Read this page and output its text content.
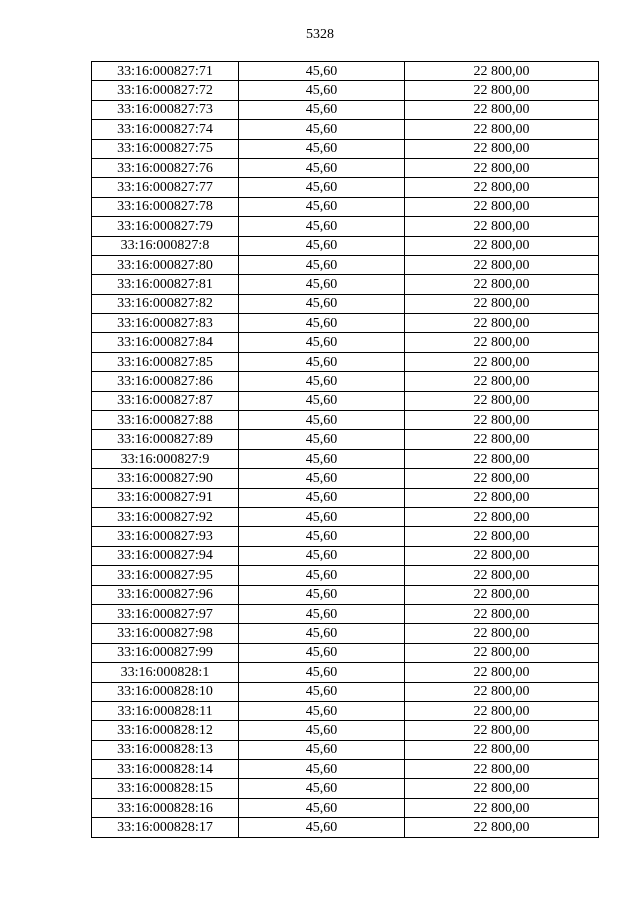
5328
33:16:000827:71	45,60	22 800,00
33:16:000827:72	45,60	22 800,00
33:16:000827:73	45,60	22 800,00
33:16:000827:74	45,60	22 800,00
33:16:000827:75	45,60	22 800,00
33:16:000827:76	45,60	22 800,00
33:16:000827:77	45,60	22 800,00
33:16:000827:78	45,60	22 800,00
33:16:000827:79	45,60	22 800,00
33:16:000827:8	45,60	22 800,00
33:16:000827:80	45,60	22 800,00
33:16:000827:81	45,60	22 800,00
33:16:000827:82	45,60	22 800,00
33:16:000827:83	45,60	22 800,00
33:16:000827:84	45,60	22 800,00
33:16:000827:85	45,60	22 800,00
33:16:000827:86	45,60	22 800,00
33:16:000827:87	45,60	22 800,00
33:16:000827:88	45,60	22 800,00
33:16:000827:89	45,60	22 800,00
33:16:000827:9	45,60	22 800,00
33:16:000827:90	45,60	22 800,00
33:16:000827:91	45,60	22 800,00
33:16:000827:92	45,60	22 800,00
33:16:000827:93	45,60	22 800,00
33:16:000827:94	45,60	22 800,00
33:16:000827:95	45,60	22 800,00
33:16:000827:96	45,60	22 800,00
33:16:000827:97	45,60	22 800,00
33:16:000827:98	45,60	22 800,00
33:16:000827:99	45,60	22 800,00
33:16:000828:1	45,60	22 800,00
33:16:000828:10	45,60	22 800,00
33:16:000828:11	45,60	22 800,00
33:16:000828:12	45,60	22 800,00
33:16:000828:13	45,60	22 800,00
33:16:000828:14	45,60	22 800,00
33:16:000828:15	45,60	22 800,00
33:16:000828:16	45,60	22 800,00
33:16:000828:17	45,60	22 800,00
